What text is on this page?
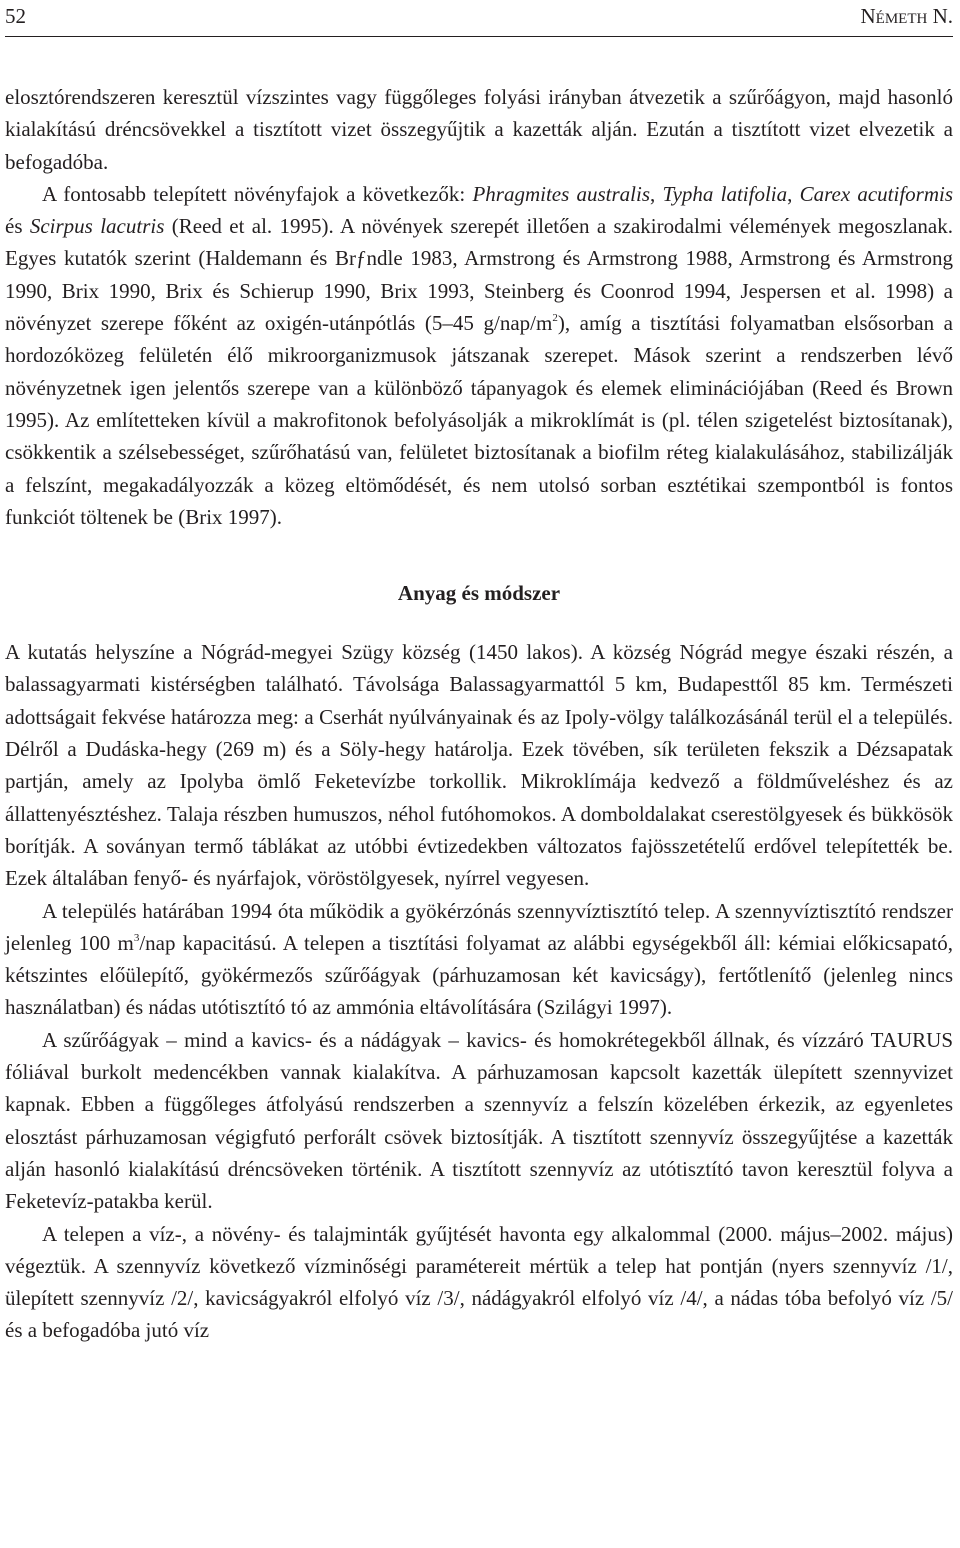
52	Németh N.

elosztórendszeren keresztül vízszintes vagy függőleges folyási irányban átvezetik a szűrőágyon, majd hasonló kialakítású dréncsövekkel a tisztított vizet összegyűjtik a kazetták alján. Ezután a tisztított vizet elvezetik a befogadóba.

A fontosabb telepített növényfajok a következők: Phragmites australis, Typha latifolia, Carex acutiformis és Scirpus lacutris (Reed et al. 1995). A növények szerepét illetően a szakirodalmi vélemények megoszlanak. Egyes kutatók szerint (Haldemann és Brƒndle 1983, Armstrong és Armstrong 1988, Armstrong és Armstrong 1990, Brix 1990, Brix és Schierup 1990, Brix 1993, Steinberg és Coonrod 1994, Jespersen et al. 1998) a növényzet szerepe főként az oxigén-utánpótlás (5–45 $g/nap/m^2$), amíg a tisztítási folyamatban elsősorban a hordozóközeg felületén élő mikroorganizmusok játszanak szerepet. Mások szerint a rendszerben lévő növényzetnek igen jelentős szerepe van a különböző tápanyagok és elemek eliminációjában (Reed és Brown 1995). Az említetteken kívül a makrofitonok befolyásolják a mikroklímát is (pl. télen szigetelést biztosítanak), csökkentik a szélsebességet, szűrőhatású van, felületet biztosítanak a biofilm réteg kialakulásához, stabilizálják a felszínt, megakadályozzák a közeg eltömődését, és nem utolsó sorban esztétikai szempontból is fontos funkciót töltenek be (Brix 1997).

Anyag és módszer

A kutatás helyszíne a Nógrád-megyei Szügy község (1450 lakos). A község Nógrád megye északi részén, a balassagyarmati kistérségben található. Távolsága Balassagyarmattól 5 km, Budapesttől 85 km. Természeti adottságait fekvése határozza meg: a Cserhát nyúlványainak és az Ipoly-völgy találkozásánál terül el a település. Délről a Dudáska-hegy (269 m) és a Söly-hegy határolja. Ezek tövében, sík területen fekszik a Dézsapatak partján, amely az Ipolyba ömlő Feketevízbe torkollik. Mikroklímája kedvező a földműveléshez és az állattenyésztéshez. Talaja részben humuszos, néhol futóhomokos. A domboldalakat cserestölgyesek és bükkösök borítják. A soványan termő táblákat az utóbbi évtizedekben változatos fajösszetételű erdővel telepítették be. Ezek általában fenyő- és nyárfajok, vöröstölgyesek, nyírrel vegyesen.

A település határában 1994 óta működik a gyökérzónás szennyvíztisztító telep. A szennyvíztisztító rendszer jelenleg 100 $m^3$/nap kapacitású. A telepen a tisztítási folyamat az alábbi egységekből áll: kémiai előkicsapató, kétszintes előülepítő, gyökérmezős szűrőágyak (párhuzamosan két kavicságy), fertőtlenítő (jelenleg nincs használatban) és nádas utótisztító tó az ammónia eltávolítására (Szilágyi 1997).

A szűrőágyak – mind a kavics- és a nádágyak – kavics- és homokrétegekből állnak, és vízzáró TAURUS fóliával burkolt medencékben vannak kialakítva. A párhuzamosan kapcsolt kazetták ülepített szennyvizet kapnak. Ebben a függőleges átfolyású rendszerben a szennyvíz a felszín közelében érkezik, az egyenletes elosztást párhuzamosan végigfutó perforált csövek biztosítják. A tisztított szennyvíz összegyűjtése a kazetták alján hasonló kialakítású dréncsöveken történik. A tisztított szennyvíz az utótisztító tavon keresztül folyva a Feketevíz-patakba kerül.

A telepen a víz-, a növény- és talajminták gyűjtését havonta egy alkalommal (2000. május–2002. május) végeztük. A szennyvíz következő vízminőségi paramétereit mértük a telep hat pontján (nyers szennyvíz /1/, ülepített szennyvíz /2/, kavicságyakról elfolyó víz /3/, nádágyakról elfolyó víz /4/, a nádas tóba befolyó víz /5/ és a befogadóba jutó víz
